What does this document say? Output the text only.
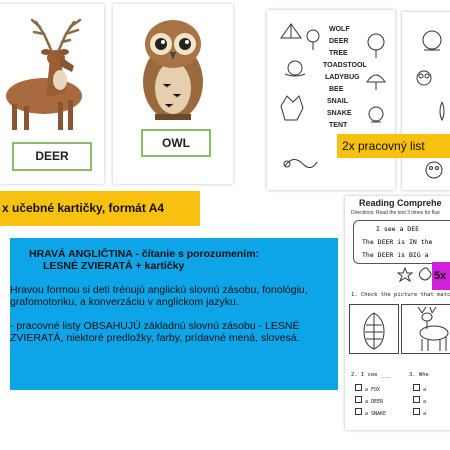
DEER
OWL
WOLF
DEER
TREE
TOADSTOOL
LADYBUG
BEE
SNAIL
SNAKE
TENT
2x pracovný list
x učebné kartičky, formát A4
HRAVÁ ANGLIČTINA - čítanie s porozumením:
LESNÉ ZVIERATÁ + kartičky
Hravou formou si deti trénujú anglickú slovnú zásobu, fonológiu, grafomotoriku, a konverzáciu v anglickom jazyku.
- pracovné listy OBSAHUJÚ základnú slovnú zásobu - LESNÉ ZVIERATÁ, niektoré predložky, farby, prídavné mená, slovesá.
Reading Comprehe
Directions: Read the text 3 times for flue
I see a DEE
The DEER is IN the
The DEER is BIG a
1. Check the picture that matc
2. I see ___
a FOX
a DEER
a SNAKE
3. Whe
a
a
a
5x
